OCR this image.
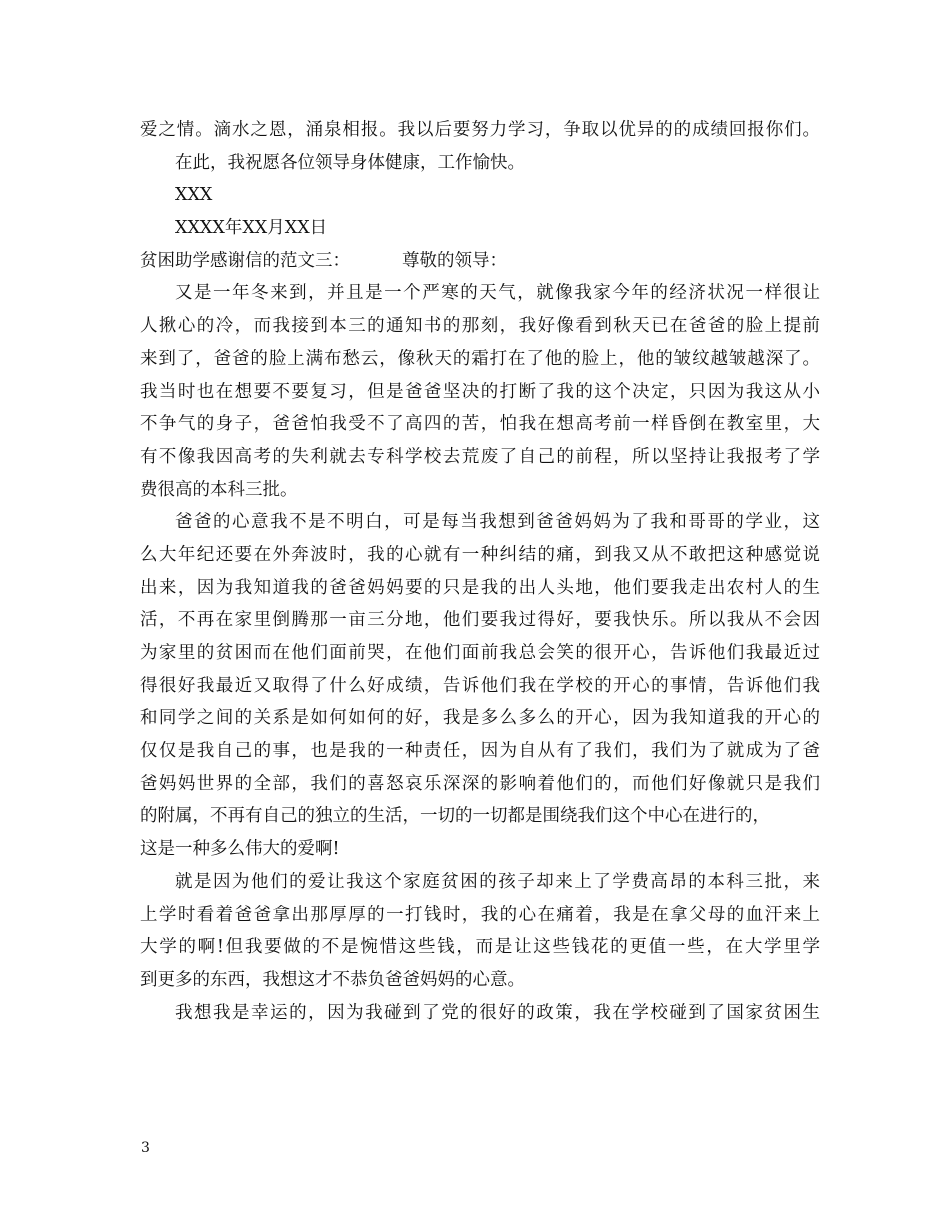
爱之情。滴水之恩，涌泉相报。我以后要努力学习，争取以优异的的成绩回报你们。
在此，我祝愿各位领导身体健康，工作愉快。
XXX
XXXX年XX月XX日
贫困助学感谢信的范文三：	尊敬的领导：
又是一年冬来到，并且是一个严寒的天气，就像我家今年的经济状况一样很让
人揪心的冷，而我接到本三的通知书的那刻，我好像看到秋天已在爸爸的脸上提前
来到了，爸爸的脸上满布愁云，像秋天的霜打在了他的脸上，他的皱纹越皱越深了。
我当时也在想要不要复习，但是爸爸坚决的打断了我的这个决定，只因为我这从小
不争气的身子，爸爸怕我受不了高四的苦，怕我在想高考前一样昏倒在教室里，大
有不像我因高考的失利就去专科学校去荒废了自己的前程，所以坚持让我报考了学
费很高的本科三批。
爸爸的心意我不是不明白，可是每当我想到爸爸妈妈为了我和哥哥的学业，这
么大年纪还要在外奔波时，我的心就有一种纠结的痛，到我又从不敢把这种感觉说
出来，因为我知道我的爸爸妈妈要的只是我的出人头地，他们要我走出农村人的生
活，不再在家里倒腾那一亩三分地，他们要我过得好，要我快乐。所以我从不会因
为家里的贫困而在他们面前哭，在他们面前我总会笑的很开心，告诉他们我最近过
得很好我最近又取得了什么好成绩，告诉他们我在学校的开心的事情，告诉他们我
和同学之间的关系是如何如何的好，我是多么多么的开心，因为我知道我的开心的
仅仅是我自己的事，也是我的一种责任，因为自从有了我们，我们为了就成为了爸
爸妈妈世界的全部，我们的喜怒哀乐深深的影响着他们的，而他们好像就只是我们
的附属，不再有自己的独立的生活，一切的一切都是围绕我们这个中心在进行的，
这是一种多么伟大的爱啊!
就是因为他们的爱让我这个家庭贫困的孩子却来上了学费高昂的本科三批，来
上学时看着爸爸拿出那厚厚的一打钱时，我的心在痛着，我是在拿父母的血汗来上
大学的啊!但我要做的不是惋惜这些钱，而是让这些钱花的更值一些，在大学里学
到更多的东西，我想这才不恭负爸爸妈妈的心意。
我想我是幸运的，因为我碰到了党的很好的政策，我在学校碰到了国家贫困生
3
